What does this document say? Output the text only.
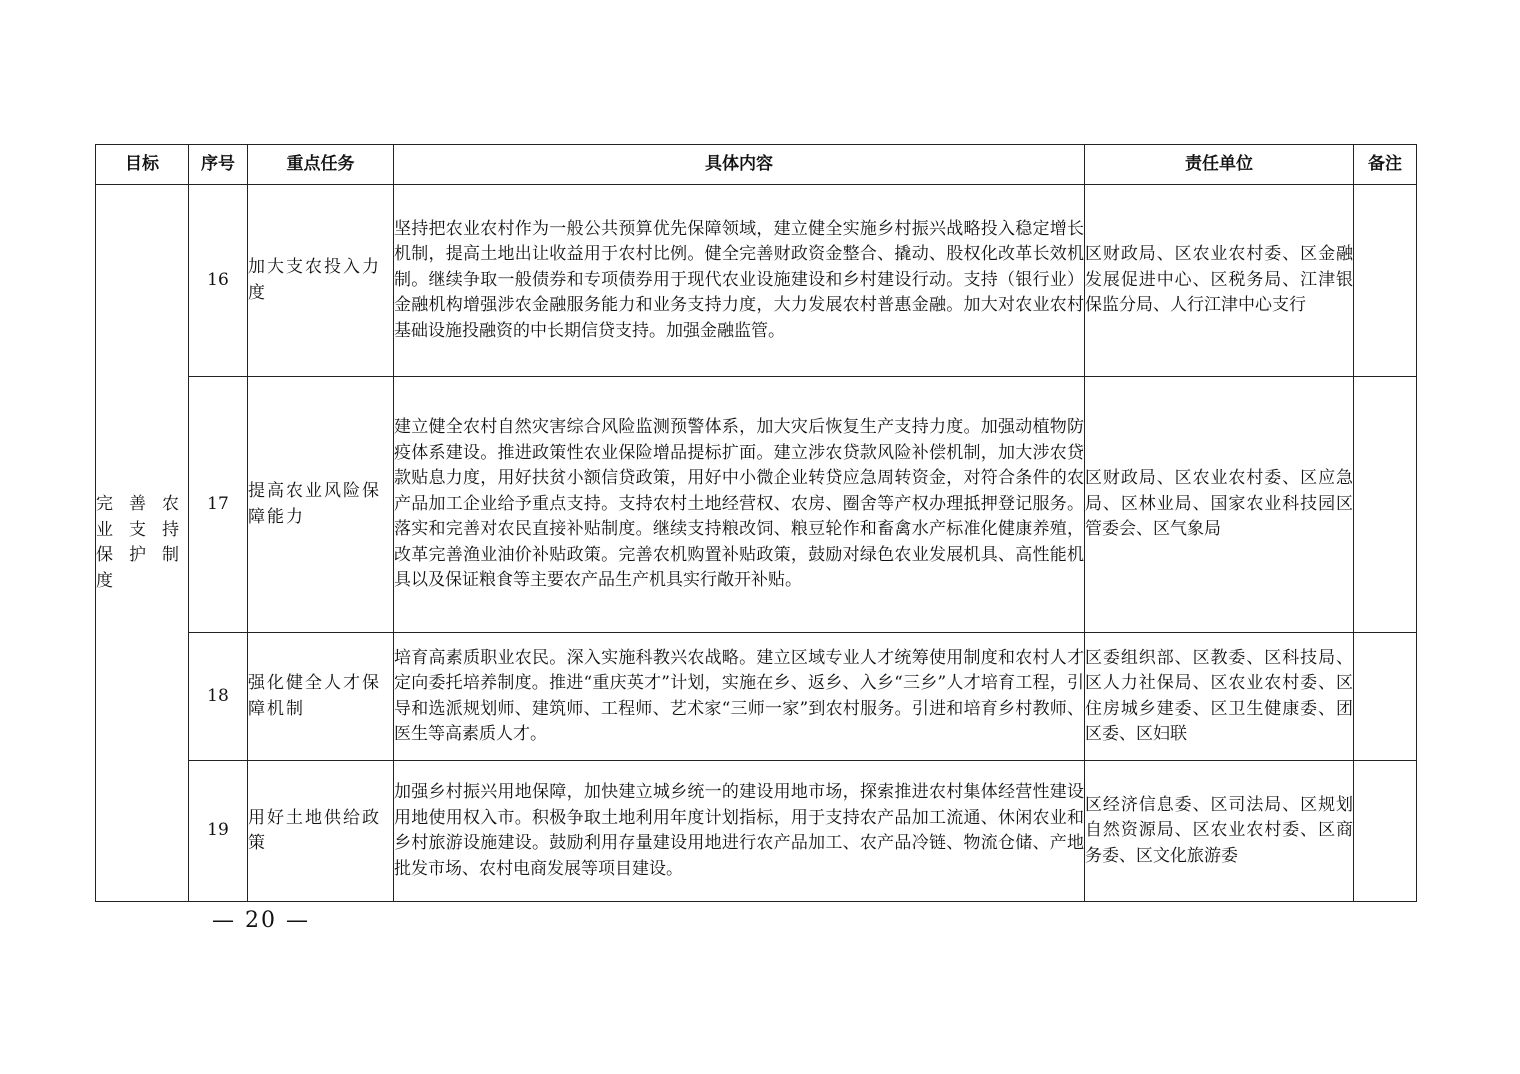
目标	序号	重点任务	具体内容	责任单位	备注
完善农业支持保护制度	16	加大支农投入力度	坚持把农业农村作为一般公共预算优先保障领域，建立健全实施乡村振兴战略投入稳定增长机制，提高土地出让收益用于农村比例。健全完善财政资金整合、撬动、股权化改革长效机制。继续争取一般债券和专项债券用于现代农业设施建设和乡村建设行动。支持（银行业）金融机构增强涉农金融服务能力和业务支持力度，大力发展农村普惠金融。加大对农业农村基础设施投融资的中长期信贷支持。加强金融监管。	区财政局、区农业农村委、区金融发展促进中心、区税务局、江津银保监分局、人行江津中心支行	
	17	提高农业风险保障能力	建立健全农村自然灾害综合风险监测预警体系，加大灾后恢复生产支持力度。加强动植物防疫体系建设。推进政策性农业保险增品提标扩面。建立涉农贷款风险补偿机制，加大涉农贷款贴息力度，用好扶贫小额信贷政策，用好中小微企业转贷应急周转资金，对符合条件的农产品加工企业给予重点支持。支持农村土地经营权、农房、圈舍等产权办理抵押登记服务。落实和完善对农民直接补贴制度。继续支持粮改饲、粮豆轮作和畜禽水产标准化健康养殖，改革完善渔业油价补贴政策。完善农机购置补贴政策，鼓励对绿色农业发展机具、高性能机具以及保证粮食等主要农产品生产机具实行敞开补贴。	区财政局、区农业农村委、区应急局、区林业局、国家农业科技园区管委会、区气象局	
	18	强化健全人才保障机制	培育高素质职业农民。深入实施科教兴农战略。建立区域专业人才统筹使用制度和农村人才定向委托培养制度。推进“重庆英才”计划，实施在乡、返乡、入乡“三乡”人才培育工程，引导和选派规划师、建筑师、工程师、艺术家“三师一家”到农村服务。引进和培育乡村教师、医生等高素质人才。	区委组织部、区教委、区科技局、区人力社保局、区农业农村委、区住房城乡建委、区卫生健康委、团区委、区妇联	
	19	用好土地供给政策	加强乡村振兴用地保障，加快建立城乡统一的建设用地市场，探索推进农村集体经营性建设用地使用权入市。积极争取土地利用年度计划指标，用于支持农产品加工流通、休闲农业和乡村旅游设施建设。鼓励利用存量建设用地进行农产品加工、农产品冷链、物流仓储、产地批发市场、农村电商发展等项目建设。	区经济信息委、区司法局、区规划自然资源局、区农业农村委、区商务委、区文化旅游委	
— 20 —
